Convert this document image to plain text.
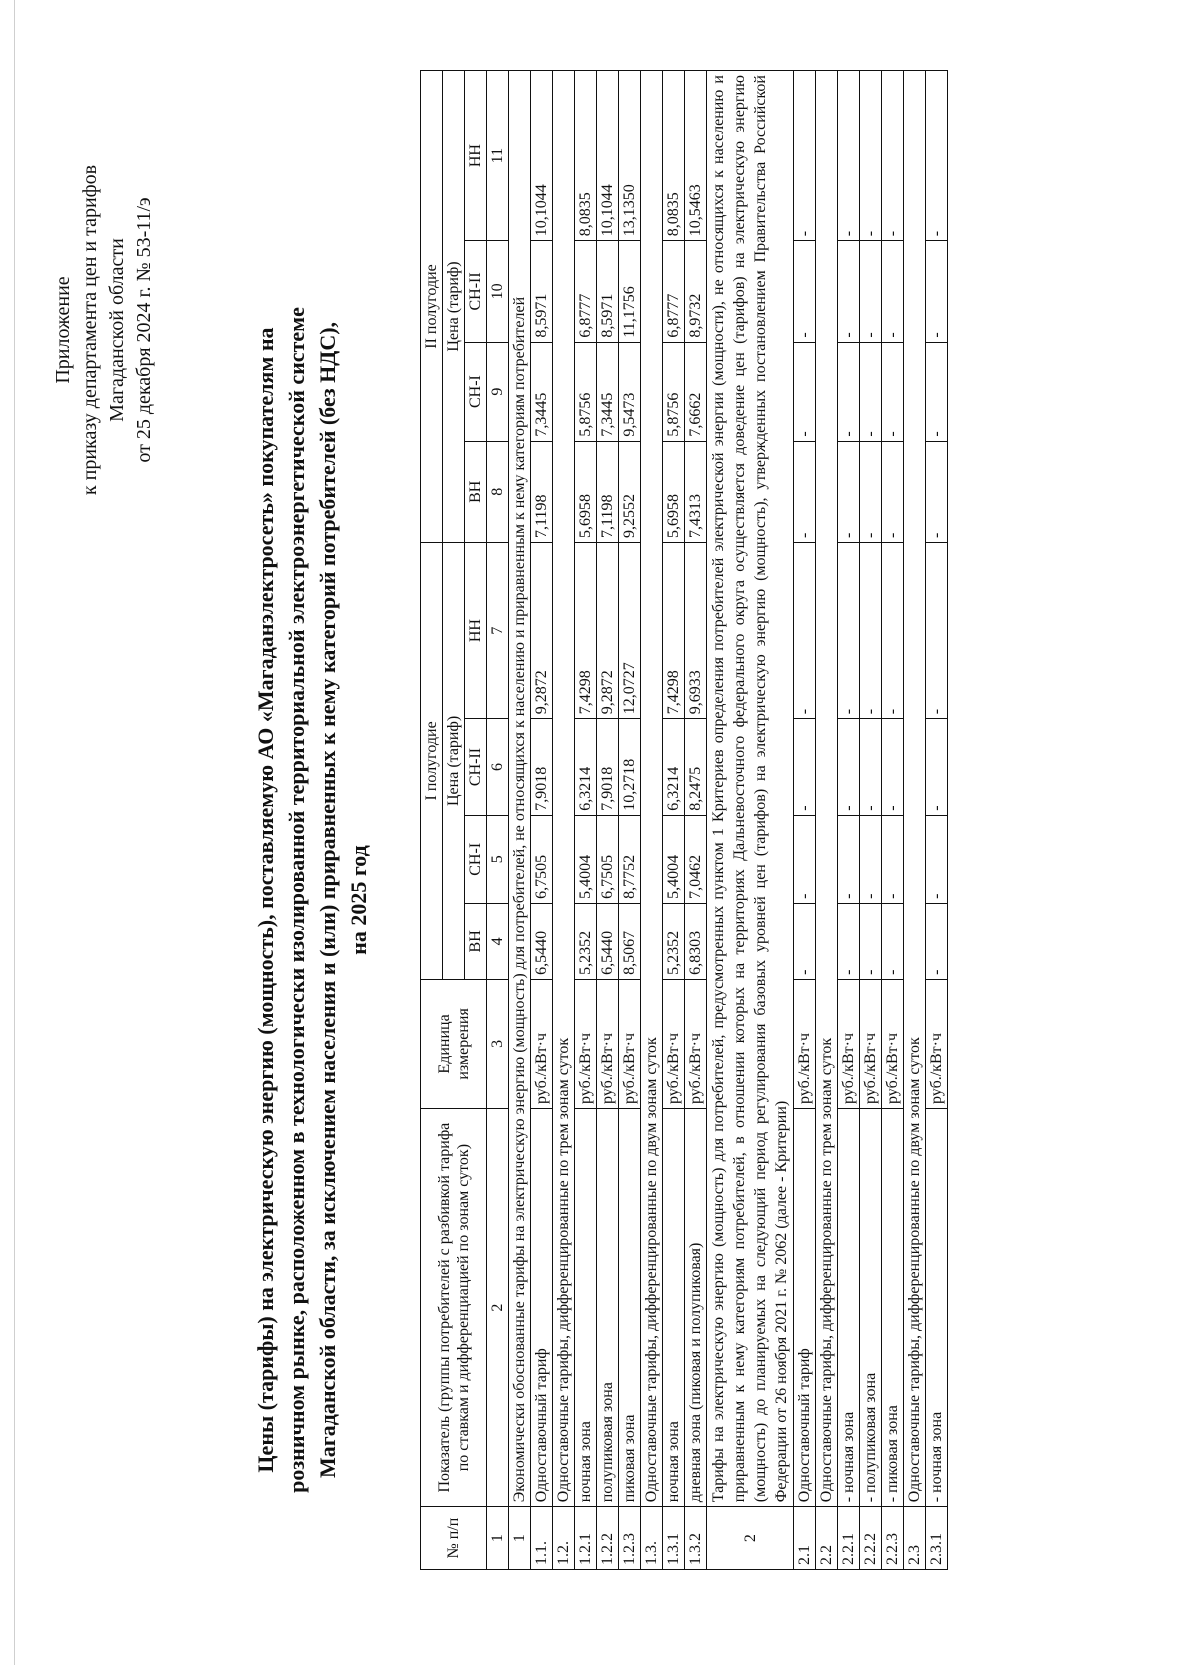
Приложение к приказу департамента цен и тарифов Магаданской области от 25 декабря 2024 г. № 53-11/э	Цены (тарифы) на электрическую энергию (мощность), поставляемую АО «Магаданэлектросеть» покупателям на розничном рынке, расположенном в технологически изолированной территориальной электроэнергетической системе Магаданской области, за исключением населения и (или) приравненных к нему категорий потребителей (без НДС), на 2025 год
№ п/п	Показатель (группы потребителей с разбивкой тарифа по ставкам и дифференциацией по зонам суток)	Единица измерения	I полугодие				II полугодие			
			Цена (тариф)				Цена (тариф)			
			ВН	СН-I	СН-II	НН	ВН	СН-I	СН-II	НН
1	2	3	4	5	6	7	8	9	10	11
1	Экономически обоснованные тарифы на электрическую энергию (мощность) для потребителей, не относящихся к населению и приравненным к нему категориям потребителей									
1.1.	Одноставочный тариф	руб./кВт·ч	6,5440	6,7505	7,9018	9,2872	7,1198	7,3445	8,5971	10,1044
1.2.	Одноставочные тарифы, дифференцированные по трем зонам суток									
1.2.1	ночная зона	руб./кВт·ч	5,2352	5,4004	6,3214	7,4298	5,6958	5,8756	6,8777	8,0835
1.2.2	полупиковая зона	руб./кВт·ч	6,5440	6,7505	7,9018	9,2872	7,1198	7,3445	8,5971	10,1044
1.2.3	пиковая зона	руб./кВт·ч	8,5067	8,7752	10,2718	12,0727	9,2552	9,5473	11,1756	13,1350
1.3.	Одноставочные тарифы, дифференцированные по двум зонам суток									
1.3.1	ночная зона	руб./кВт·ч	5,2352	5,4004	6,3214	7,4298	5,6958	5,8756	6,8777	8,0835
1.3.2	дневная зона (пиковая и полупиковая)	руб./кВт·ч	6,8303	7,0462	8,2475	9,6933	7,4313	7,6662	8,9732	10,5463
2	Тарифы на электрическую энергию (мощность) для потребителей, предусмотренных пунктом 1 Критериев определения потребителей электрической энергии (мощности), не относящихся к населению и приравненным к нему категориям потребителей, в отношении которых на территориях Дальневосточного федерального округа осуществляется доведение цен (тарифов) на электрическую энергию (мощность) до планируемых на следующий период регулирования базовых уровней цен (тарифов) на электрическую энергию (мощность), утвержденных постановлением Правительства Российской Федерации от 26 ноября 2021 г. № 2062 (далее - Критерии)									
2.1	Одноставочный тариф	руб./кВт·ч	-	-	-	-	-	-	-	-
2.2	Одноставочные тарифы, дифференцированные по трем зонам суток									
2.2.1	- ночная зона	руб./кВт·ч	-	-	-	-	-	-	-	-
2.2.2	- полупиковая зона	руб./кВт·ч	-	-	-	-	-	-	-	-
2.2.3	- пиковая зона	руб./кВт·ч	-	-	-	-	-	-	-	-
2.3	Одноставочные тарифы, дифференцированные по двум зонам суток									
2.3.1	- ночная зона	руб./кВт·ч	-	-	-	-	-	-	-	-
